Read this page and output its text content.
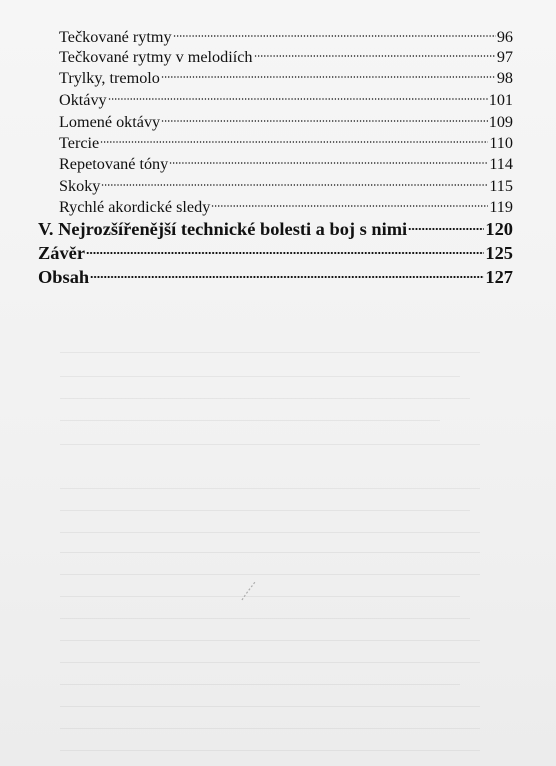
Tečkované rytmy	96
Tečkované rytmy v melodiích	97
Trylky, tremolo	98
Oktávy	101
Lomené oktávy	109
Tercie	110
Repetované tóny	114
Skoky	115
Rychlé akordické sledy	119
V. Nejrozšířenější technické bolesti a boj s nimi	120
Závěr	125
Obsah	127
